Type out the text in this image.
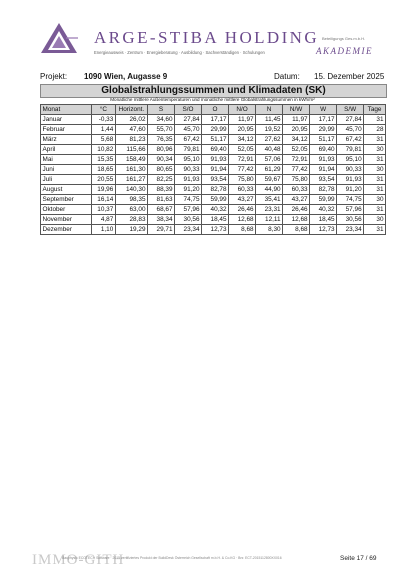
ARGE-STIBA HOLDING Beteiligungs Ges.m.b.H.
Energieausweis · Zentrum · Energieberatung · Ausbildung · Sachverständigen · Schulungen	AKADEMIE
Projekt: 1090 Wien, Augasse 9	Datum: 15. Dezember 2025
Globalstrahlungssummen und Klimadaten (SK)
Monatliche mittlere Außentemperaturen und monatliche mittlere Globalstrahlungssummen in kWh/m²
Monat	°C	Horizont.	S	S/O	O	N/O	N	N/W	W	S/W	Tage
Januar	-0,33	26,02	34,60	27,84	17,17	11,97	11,45	11,97	17,17	27,84	31
Februar	1,44	47,60	55,70	45,70	29,99	20,95	19,52	20,95	29,99	45,70	28
März	5,68	81,23	76,35	67,42	51,17	34,12	27,62	34,12	51,17	67,42	31
April	10,82	115,66	80,96	79,81	69,40	52,05	40,48	52,05	69,40	79,81	30
Mai	15,35	158,49	90,34	95,10	91,93	72,91	57,06	72,91	91,93	95,10	31
Juni	18,65	161,30	80,65	90,33	91,94	77,42	61,29	77,42	91,94	90,33	30
Juli	20,55	161,27	82,25	91,93	93,54	75,80	59,67	75,80	93,54	91,93	31
August	19,96	140,30	88,39	91,20	82,78	60,33	44,90	60,33	82,78	91,20	31
September	16,14	98,35	81,63	74,75	59,99	43,27	35,41	43,27	59,99	74,75	30
Oktober	10,37	63,00	68,67	57,96	40,32	26,46	23,31	26,46	40,32	57,96	31
November	4,87	28,83	38,34	30,56	18,45	12,68	12,11	12,68	18,45	30,56	30
Dezember	1,10	19,29	29,71	23,34	12,73	8,68	8,30	8,68	12,73	23,34	31
IMMO-GITH
Bauphysik ECOTECH Software · 2015 zertifiziertes Produkt der BuildDesk Österreich Gesellschaft m.b.H. & Co.KG · Bnr. ECT-2015112800XX016	Seite 17 / 69
